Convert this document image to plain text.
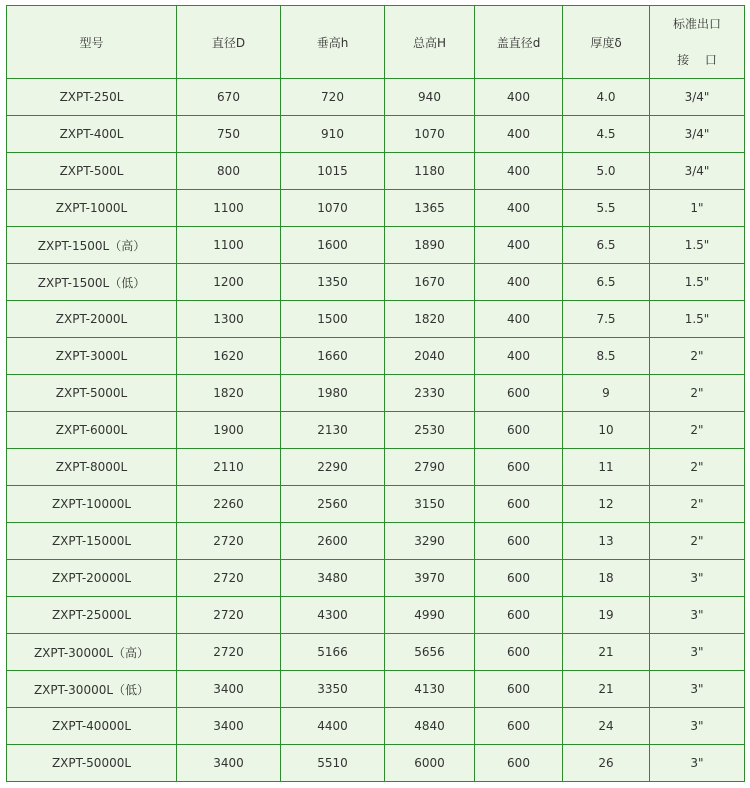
型号	直径D	垂高h	总高H	盖直径d	厚度δ	标准出口
接　 口

ZXPT-250L	670	720	940	400	4.0	3/4"
ZXPT-400L	750	910	1070	400	4.5	3/4"
ZXPT-500L	800	1015	1180	400	5.0	3/4"
ZXPT-1000L	1100	1070	1365	400	5.5	1"
ZXPT-1500L（高）	1100	1600	1890	400	6.5	1.5"
ZXPT-1500L（低）	1200	1350	1670	400	6.5	1.5"
ZXPT-2000L	1300	1500	1820	400	7.5	1.5"
ZXPT-3000L	1620	1660	2040	400	8.5	2"
ZXPT-5000L	1820	1980	2330	600	9	2"
ZXPT-6000L	1900	2130	2530	600	10	2"
ZXPT-8000L	2110	2290	2790	600	11	2"
ZXPT-10000L	2260	2560	3150	600	12	2"
ZXPT-15000L	2720	2600	3290	600	13	2"
ZXPT-20000L	2720	3480	3970	600	18	3"
ZXPT-25000L	2720	4300	4990	600	19	3"
ZXPT-30000L（高）	2720	5166	5656	600	21	3"
ZXPT-30000L（低）	3400	3350	4130	600	21	3"
ZXPT-40000L	3400	4400	4840	600	24	3"
ZXPT-50000L	3400	5510	6000	600	26	3"
